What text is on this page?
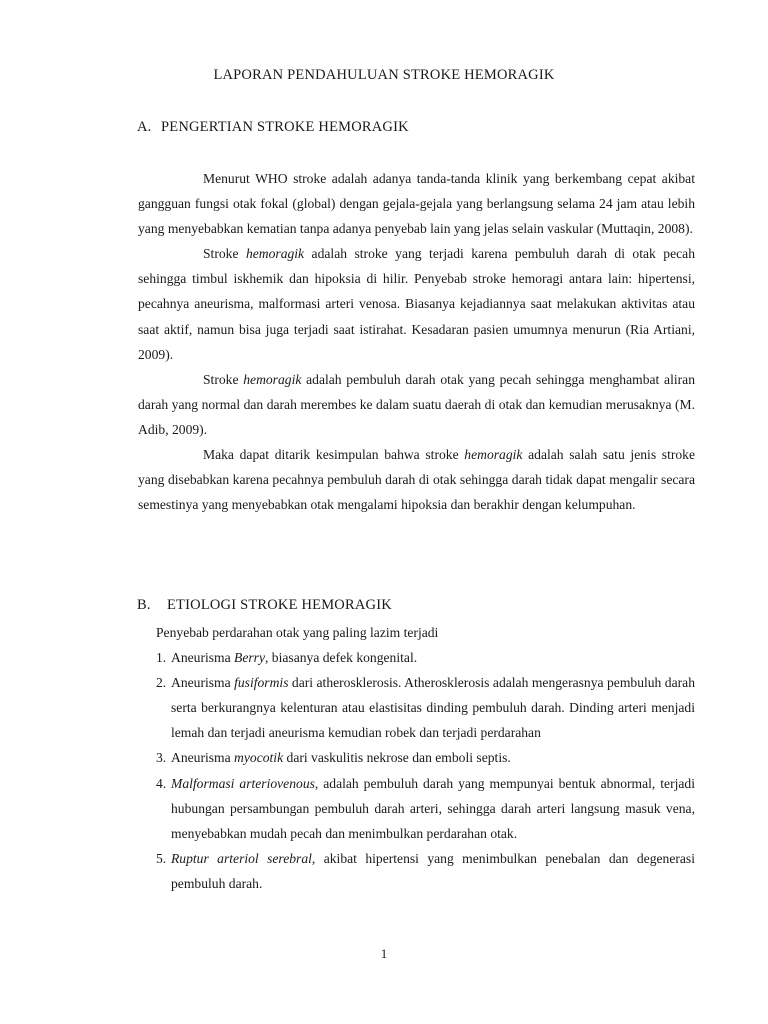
LAPORAN PENDAHULUAN STROKE HEMORAGIK
A. PENGERTIAN STROKE HEMORAGIK

Menurut WHO stroke adalah adanya tanda-tanda klinik yang berkembang cepat akibat gangguan fungsi otak fokal (global) dengan gejala-gejala yang berlangsung selama 24 jam atau lebih yang menyebabkan kematian tanpa adanya penyebab lain yang jelas selain vaskular (Muttaqin, 2008).

Stroke hemoragik adalah stroke yang terjadi karena pembuluh darah di otak pecah sehingga timbul iskhemik dan hipoksia di hilir. Penyebab stroke hemoragi antara lain: hipertensi, pecahnya aneurisma, malformasi arteri venosa. Biasanya kejadiannya saat melakukan aktivitas atau saat aktif, namun bisa juga terjadi saat istirahat. Kesadaran pasien umumnya menurun (Ria Artiani, 2009).

Stroke hemoragik adalah pembuluh darah otak yang pecah sehingga menghambat aliran darah yang normal dan darah merembes ke dalam suatu daerah di otak dan kemudian merusaknya (M. Adib, 2009).

Maka dapat ditarik kesimpulan bahwa stroke hemoragik adalah salah satu jenis stroke yang disebabkan karena pecahnya pembuluh darah di otak sehingga darah tidak dapat mengalir secara semestinya yang menyebabkan otak mengalami hipoksia dan berakhir dengan kelumpuhan.

B. ETIOLOGI STROKE HEMORAGIK

Penyebab perdarahan otak yang paling lazim terjadi

1. Aneurisma Berry, biasanya defek kongenital.
2. Aneurisma fusiformis dari atherosklerosis. Atherosklerosis adalah mengerasnya pembuluh darah serta berkurangnya kelenturan atau elastisitas dinding pembuluh darah. Dinding arteri menjadi lemah dan terjadi aneurisma kemudian robek dan terjadi perdarahan
3. Aneurisma myocotik dari vaskulitis nekrose dan emboli septis.
4. Malformasi arteriovenous, adalah pembuluh darah yang mempunyai bentuk abnormal, terjadi hubungan persambungan pembuluh darah arteri, sehingga darah arteri langsung masuk vena, menyebabkan mudah pecah dan menimbulkan perdarahan otak.
5. Ruptur arteriol serebral, akibat hipertensi yang menimbulkan penebalan dan degenerasi pembuluh darah.
1
